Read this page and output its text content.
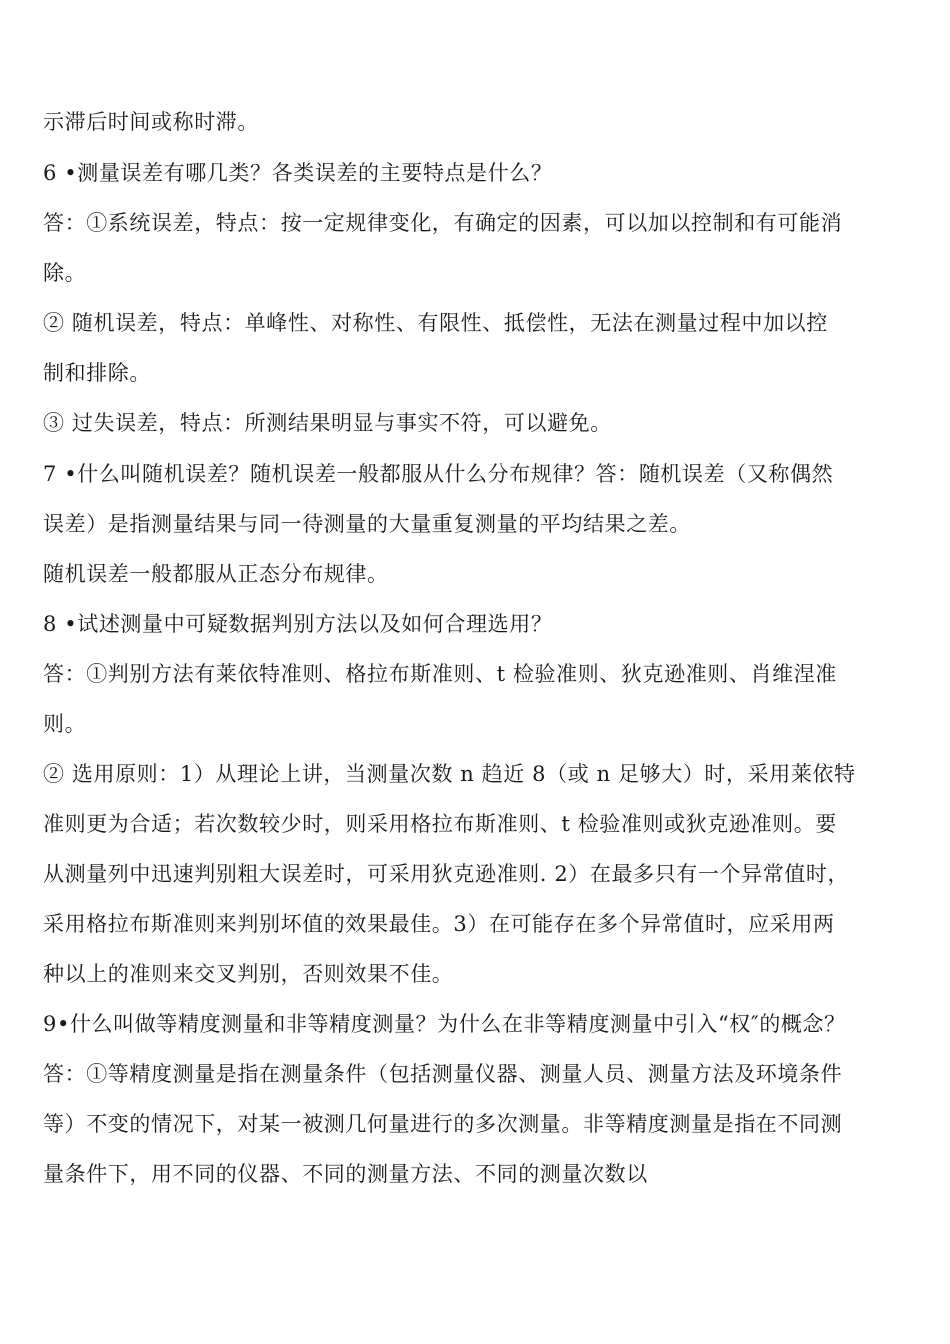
示滞后时间或称时滞。
6 •测量误差有哪几类？各类误差的主要特点是什么？
答：①系统误差，特点：按一定规律变化，有确定的因素，可以加以控制和有可能消
除。
② 随机误差，特点：单峰性、对称性、有限性、抵偿性，无法在测量过程中加以控
制和排除。
③ 过失误差，特点：所测结果明显与事实不符，可以避免。
7 •什么叫随机误差？随机误差一般都服从什么分布规律？答：随机误差（又称偶然
误差）是指测量结果与同一待测量的大量重复测量的平均结果之差。
随机误差一般都服从正态分布规律。
8 •试述测量中可疑数据判别方法以及如何合理选用？
答：①判别方法有莱依特准则、格拉布斯准则、t 检验准则、狄克逊准则、肖维涅准
则。
② 选用原则：1）从理论上讲，当测量次数 n 趋近 8（或 n 足够大）时，采用莱依特
准则更为合适；若次数较少时，则采用格拉布斯准则、t 检验准则或狄克逊准则。要
从测量列中迅速判别粗大误差时，可采用狄克逊准则. 2）在最多只有一个异常值时，
采用格拉布斯准则来判别坏值的效果最佳。3）在可能存在多个异常值时，应采用两
种以上的准则来交叉判别，否则效果不佳。
9•什么叫做等精度测量和非等精度测量？为什么在非等精度测量中引入“权″的概念？
答：①等精度测量是指在测量条件（包括测量仪器、测量人员、测量方法及环境条件
等）不变的情况下，对某一被测几何量进行的多次测量。非等精度测量是指在不同测
量条件下，用不同的仪器、不同的测量方法、不同的测量次数以
